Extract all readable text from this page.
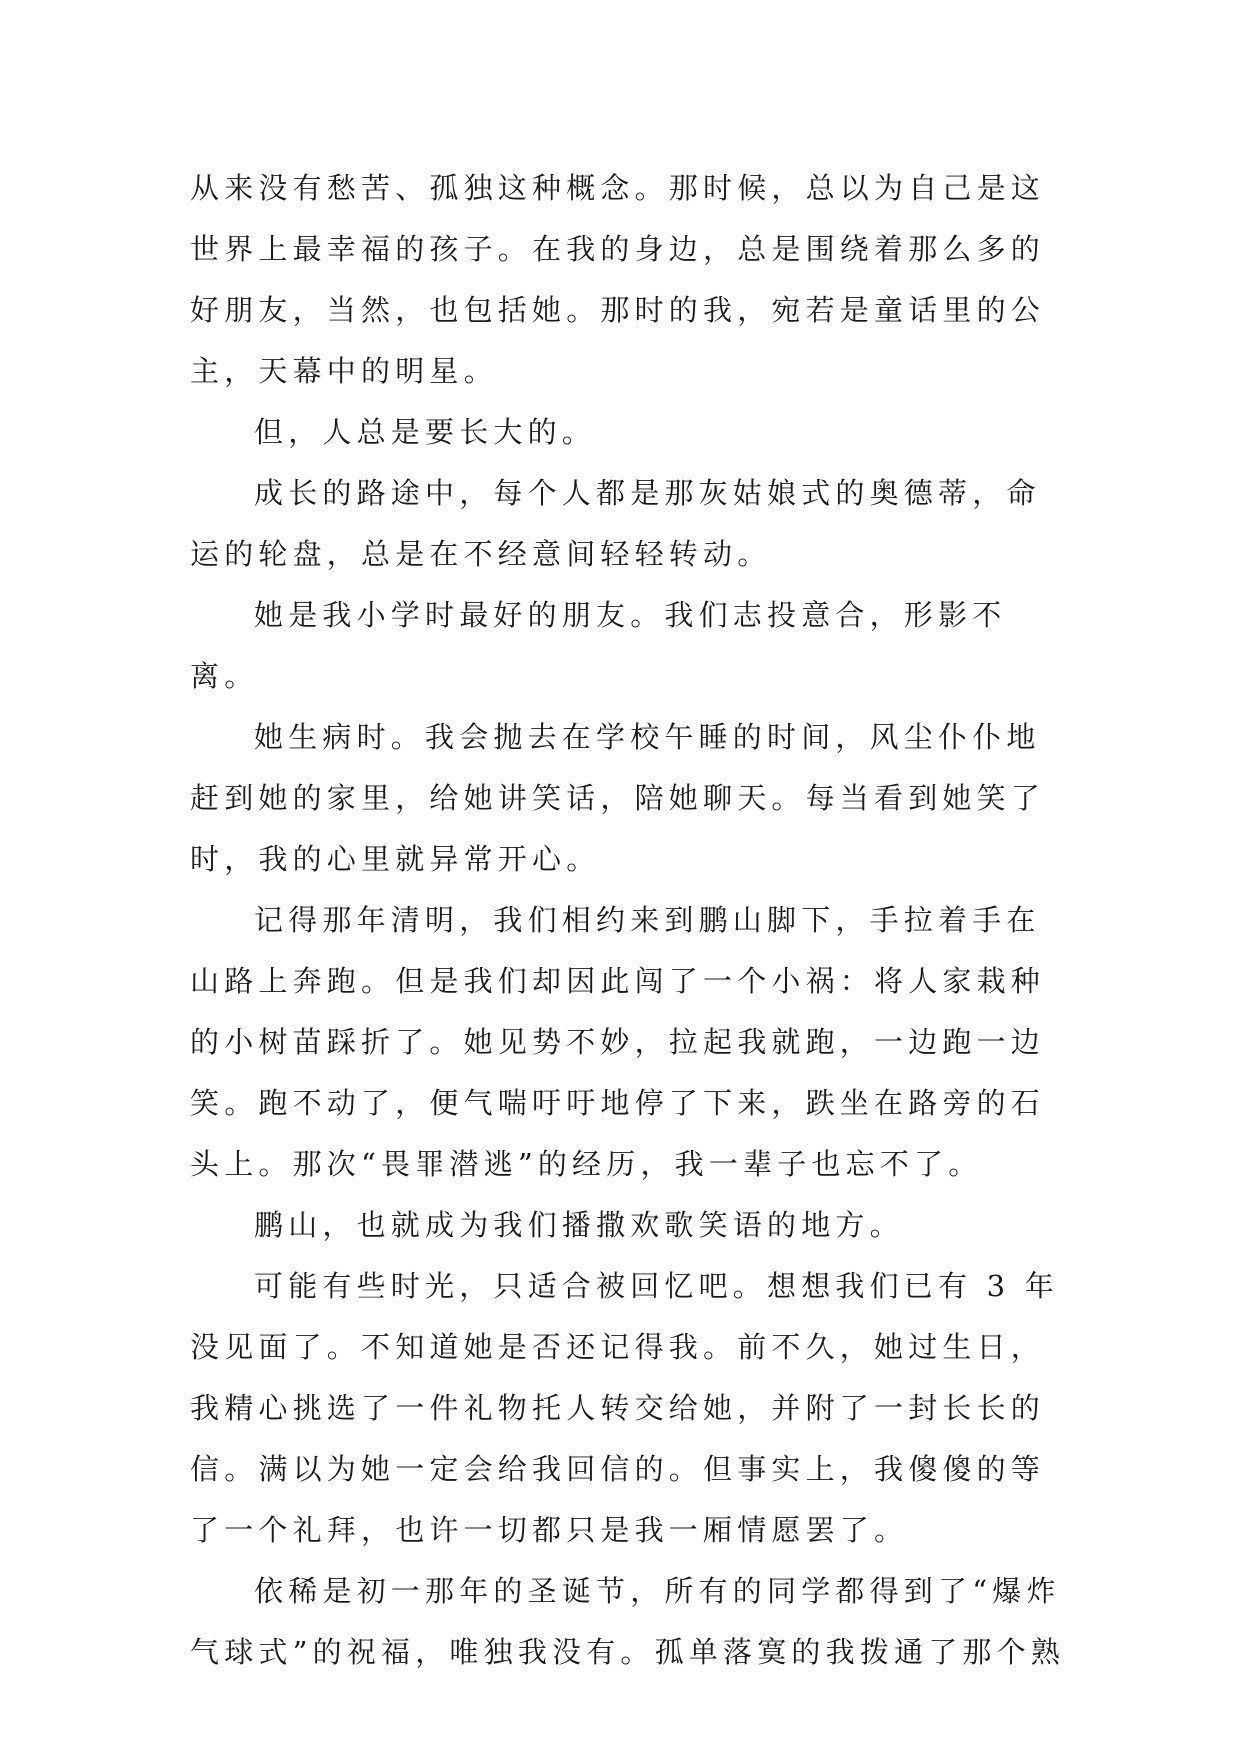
从来没有愁苦、孤独这种概念。那时候，总以为自己是这世界上最幸福的孩子。在我的身边，总是围绕着那么多的好朋友，当然，也包括她。那时的我，宛若是童话里的公主，天幕中的明星。

但，人总是要长大的。

成长的路途中，每个人都是那灰姑娘式的奥德蒂，命运的轮盘，总是在不经意间轻轻转动。

她是我小学时最好的朋友。我们志投意合，形影不离。

她生病时。我会抛去在学校午睡的时间，风尘仆仆地赶到她的家里，给她讲笑话，陪她聊天。每当看到她笑了时，我的心里就异常开心。

记得那年清明，我们相约来到鹏山脚下，手拉着手在山路上奔跑。但是我们却因此闯了一个小祸：将人家栽种的小树苗踩折了。她见势不妙，拉起我就跑，一边跑一边笑。跑不动了，便气喘吁吁地停了下来，跌坐在路旁的石头上。那次“畏罪潜逃”的经历，我一辈子也忘不了。

鹏山，也就成为我们播撒欢歌笑语的地方。

可能有些时光，只适合被回忆吧。想想我们已有 3 年没见面了。不知道她是否还记得我。前不久，她过生日，我精心挑选了一件礼物托人转交给她，并附了一封长长的信。满以为她一定会给我回信的。但事实上，我傻傻的等了一个礼拜，也许一切都只是我一厢情愿罢了。

依稀是初一那年的圣诞节，所有的同学都得到了“爆炸气球式”的祝福，唯独我没有。孤单落寞的我拨通了那个熟
